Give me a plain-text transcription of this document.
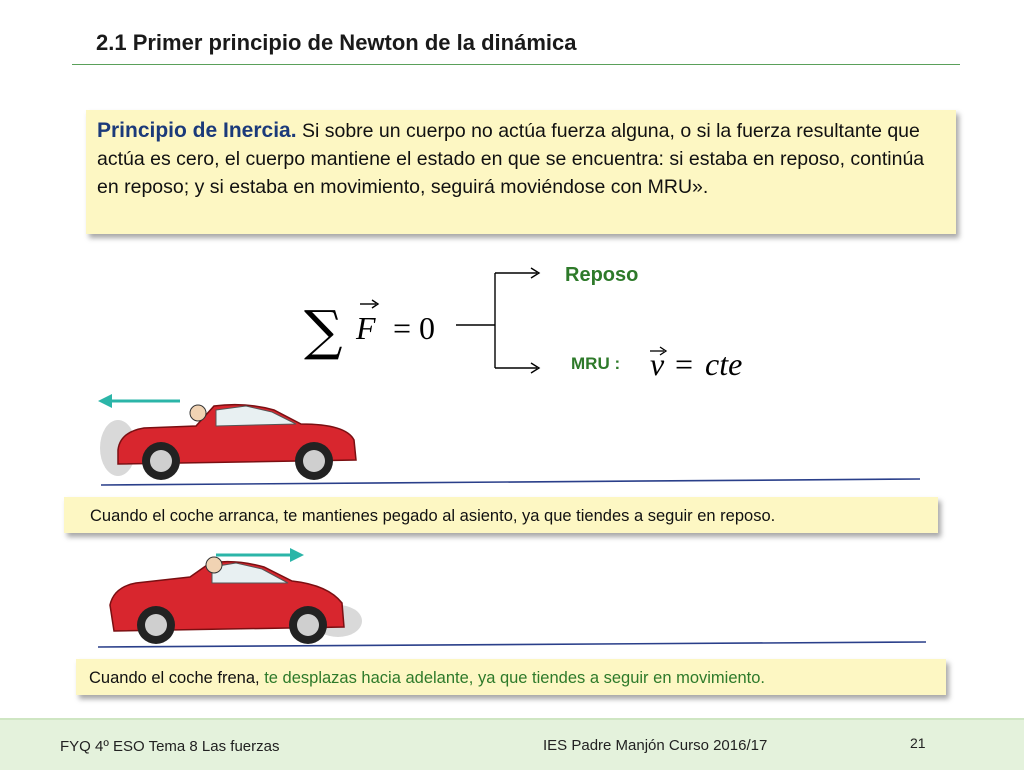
2.1 Primer principio de Newton de la dinámica
Principio de Inercia. Si sobre un cuerpo no actúa fuerza alguna, o si la fuerza resultante que actúa es cero, el cuerpo mantiene el estado en que se encuentra: si estaba en reposo, continúa en reposo; y si estaba en movimiento, seguirá moviéndose con MRU».
∑ F = 0
v = cte
Reposo
MRU :
Cuando el coche arranca, te mantienes pegado al asiento, ya que tiendes a seguir en reposo.
Cuando el coche frena, te desplazas hacia adelante, ya que tiendes a seguir en movimiento.
FYQ 4º ESO Tema 8 Las fuerzas	IES Padre Manjón Curso 2016/17	21
